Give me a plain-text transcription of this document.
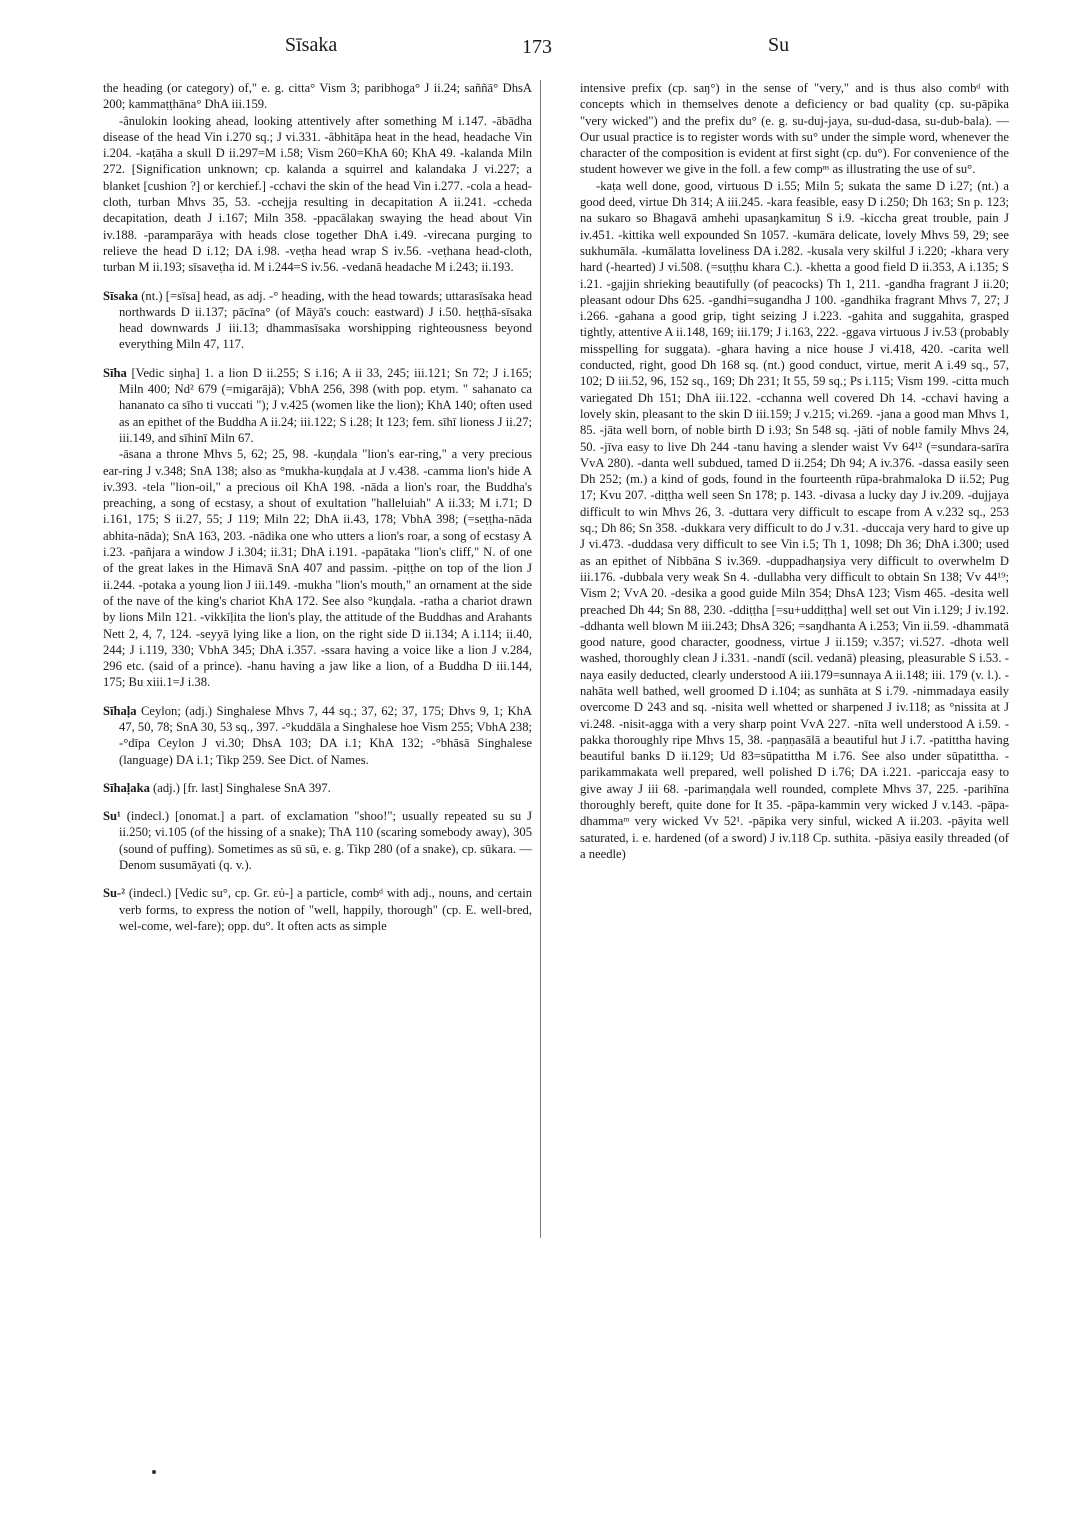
Sīsaka	173	Su

the heading (or category) of," e. g. citta° Vism 3; paribhoga° J ii.24; saññā° DhsA 200; kammaṭṭhāna° DhA iii.159.

-ânulokin looking ahead, looking attentively after something M i.147. -ābādha disease of the head Vin i.270 sq.; J vi.331. -âbhitāpa heat in the head, headache Vin i.204. -kaṭāha a skull D ii.297=M i.58; Vism 260=KhA 60; KhA 49. -kalanda Miln 272. [Signification unknown; cp. kalanda a squirrel and kalandaka J vi.227; a blanket [cushion ?] or kerchief.] -cchavi the skin of the head Vin i.277. -cola a head-cloth, turban Mhvs 35, 53. -cchejja resulting in decapitation A ii.241. -ccheda decapitation, death J i.167; Miln 358. -ppacālakaŋ swaying the head about Vin iv.188. -paramparāya with heads close together DhA i.49. -virecana purging to relieve the head D i.12; DA i.98. -veṭha head wrap S iv.56. -veṭhana head-cloth, turban M ii.193; sīsaveṭha id. M i.244=S iv.56. -vedanā headache M i.243; ii.193.

Sīsaka (nt.) [=sīsa] head, as adj. -° heading, with the head towards; uttarasīsaka head northwards D ii.137; pācīna° (of Māyā's couch: eastward) J i.50. heṭṭhā-sīsaka head downwards J iii.13; dhammasīsaka worshipping righteousness beyond everything Miln 47, 117.

Sīha [Vedic siŋha] 1. a lion D ii.255; S i.16; A ii 33, 245; iii.121; Sn 72; J i.165; Miln 400; Nd² 679 (=migarājā); VbhA 256, 398 (with pop. etym. " sahanato ca hananato ca sīho ti vuccati "); J v.425 (women like the lion); KhA 140; often used as an epithet of the Buddha A ii.24; iii.122; S i.28; It 123; fem. sīhī lioness J ii.27; iii.149, and sīhinī Miln 67.

-āsana a throne Mhvs 5, 62; 25, 98. -kuṇḍala "lion's ear-ring," a very precious ear-ring J v.348; SnA 138; also as °mukha-kuṇḍala at J v.438. -camma lion's hide A iv.393. -tela "lion-oil," a precious oil KhA 198. -nāda a lion's roar, the Buddha's preaching, a song of ecstasy, a shout of exultation "halleluiah" A ii.33; M i.71; D i.161, 175; S ii.27, 55; J 119; Miln 22; DhA ii.43, 178; VbhA 398; (=seṭṭha-nāda abhita-nāda); SnA 163, 203. -nādika one who utters a lion's roar, a song of ecstasy A i.23. -pañjara a window J i.304; ii.31; DhA i.191. -papātaka "lion's cliff," N. of one of the great lakes in the Himavā SnA 407 and passim. -piṭṭhe on top of the lion J ii.244. -potaka a young lion J iii.149. -mukha "lion's mouth," an ornament at the side of the nave of the king's chariot KhA 172. See also °kuṇḍala. -ratha a chariot drawn by lions Miln 121. -vikkīḷita the lion's play, the attitude of the Buddhas and Arahants Nett 2, 4, 7, 124. -seyyā lying like a lion, on the right side D ii.134; A i.114; ii.40, 244; J i.119, 330; VbhA 345; DhA i.357. -ssara having a voice like a lion J v.284, 296 etc. (said of a prince). -hanu having a jaw like a lion, of a Buddha D iii.144, 175; Bu xiii.1=J i.38.

Sīhaḷa Ceylon; (adj.) Singhalese Mhvs 7, 44 sq.; 37, 62; 37, 175; Dhvs 9, 1; KhA 47, 50, 78; SnA 30, 53 sq., 397. -°kuddāla a Singhalese hoe Vism 255; VbhA 238; -°dīpa Ceylon J vi.30; DhsA 103; DA i.1; KhA 132; -°bhāsā Singhalese (language) DA i.1; Tikp 259. See Dict. of Names.

Sīhaḷaka (adj.) [fr. last] Singhalese SnA 397.

Su¹ (indecl.) [onomat.] a part. of exclamation "shoo!"; usually repeated su su J ii.250; vi.105 (of the hissing of a snake); ThA 110 (scaring somebody away), 305 (sound of puffing). Sometimes as sū sū, e. g. Tikp 280 (of a snake), cp. sūkara. — Denom susumāyati (q. v.).

Su-² (indecl.) [Vedic su°, cp. Gr. εὐ-] a particle, combᵈ with adj., nouns, and certain verb forms, to express the notion of "well, happily, thorough" (cp. E. well-bred, wel-come, wel-fare); opp. du°. It often acts as simple

intensive prefix (cp. saŋ°) in the sense of "very," and is thus also combᵈ with concepts which in themselves denote a deficiency or bad quality (cp. su-pāpika "very wicked") and the prefix du° (e. g. su-duj-jaya, su-dud-dasa, su-dub-bala). — Our usual practice is to register words with su° under the simple word, whenever the character of the composition is evident at first sight (cp. du°). For convenience of the student however we give in the foll. a few compⁿˢ as illustrating the use of su°.

-kaṭa well done, good, virtuous D i.55; Miln 5; sukata the same D i.27; (nt.) a good deed, virtue Dh 314; A iii.245. -kara feasible, easy D i.250; Dh 163; Sn p. 123; na sukaro so Bhagavā amhehi upasaŋkamituŋ S i.9. -kiccha great trouble, pain J iv.451. -kittika well expounded Sn 1057. -kumāra delicate, lovely Mhvs 59, 29; see sukhumāla. -kumālatta loveliness DA i.282. -kusala very skilful J i.220; -khara very hard (-hearted) J vi.508. (=suṭṭhu khara C.). -khetta a good field D ii.353, A i.135; S i.21. -gajjin shrieking beautifully (of peacocks) Th 1, 211. -gandha fragrant J ii.20; pleasant odour Dhs 625. -gandhi=sugandha J 100. -gandhika fragrant Mhvs 7, 27; J i.266. -gahana a good grip, tight seizing J i.223. -gahita and suggahita, grasped tightly, attentive A ii.148, 169; iii.179; J i.163, 222. -ggava virtuous J iv.53 (probably misspelling for suggata). -ghara having a nice house J vi.418, 420. -carita well conducted, right, good Dh 168 sq. (nt.) good conduct, virtue, merit A i.49 sq., 57, 102; D iii.52, 96, 152 sq., 169; Dh 231; It 55, 59 sq.; Ps i.115; Vism 199. -citta much variegated Dh 151; DhA iii.122. -cchanna well covered Dh 14. -cchavi having a lovely skin, pleasant to the skin D iii.159; J v.215; vi.269. -jana a good man Mhvs 1, 85. -jāta well born, of noble birth D i.93; Sn 548 sq. -jāti of noble family Mhvs 24, 50. -jīva easy to live Dh 244 -tanu having a slender waist Vv 64¹² (=sundara-sarīra VvA 280). -danta well subdued, tamed D ii.254; Dh 94; A iv.376. -dassa easily seen Dh 252; (m.) a kind of gods, found in the fourteenth rūpa-brahmaloka D ii.52; Pug 17; Kvu 207. -diṭṭha well seen Sn 178; p. 143. -divasa a lucky day J iv.209. -dujjaya difficult to win Mhvs 26, 3. -duttara very difficult to escape from A v.232 sq., 253 sq.; Dh 86; Sn 358. -dukkara very difficult to do J v.31. -duccaja very hard to give up J vi.473. -duddasa very difficult to see Vin i.5; Th 1, 1098; Dh 36; DhA i.300; used as an epithet of Nibbāna S iv.369. -duppadhaŋsiya very difficult to overwhelm D iii.176. -dubbala very weak Sn 4. -dullabha very difficult to obtain Sn 138; Vv 44¹⁹; Vism 2; VvA 20. -desika a good guide Miln 354; DhsA 123; Vism 465. -desita well preached Dh 44; Sn 88, 230. -ddiṭṭha [=su+uddiṭṭha] well set out Vin i.129; J iv.192. -ddhanta well blown M iii.243; DhsA 326; =saŋdhanta A i.253; Vin ii.59. -dhammatā good nature, good character, goodness, virtue J ii.159; v.357; vi.527. -dhota well washed, thoroughly clean J i.331. -nandī (scil. vedanā) pleasing, pleasurable S i.53. -naya easily deducted, clearly understood A iii.179=sunnaya A ii.148; iii. 179 (v. l.). -nahāta well bathed, well groomed D i.104; as sunhāta at S i.79. -nimmadaya easily overcome D 243 and sq. -nisita well whetted or sharpened J iv.118; as °nissita at J vi.248. -nisit-agga with a very sharp point VvA 227. -nīta well understood A i.59. -pakka thoroughly ripe Mhvs 15, 38. -paṇṇasālā a beautiful hut J i.7. -patittha having beautiful banks D ii.129; Ud 83=sūpatittha M i.76. See also under sūpatittha. -parikammakata well prepared, well polished D i.76; DA i.221. -pariccaja easy to give away J iii 68. -parimaṇḍala well rounded, complete Mhvs 37, 225. -parihīna thoroughly bereft, quite done for It 35. -pāpa-kammin very wicked J v.143. -pāpa-dhammaᵐ very wicked Vv 52¹. -pāpika very sinful, wicked A ii.203. -pāyita well saturated, i. e. hardened (of a sword) J iv.118 Cp. suthita. -pāsiya easily threaded (of a needle)
